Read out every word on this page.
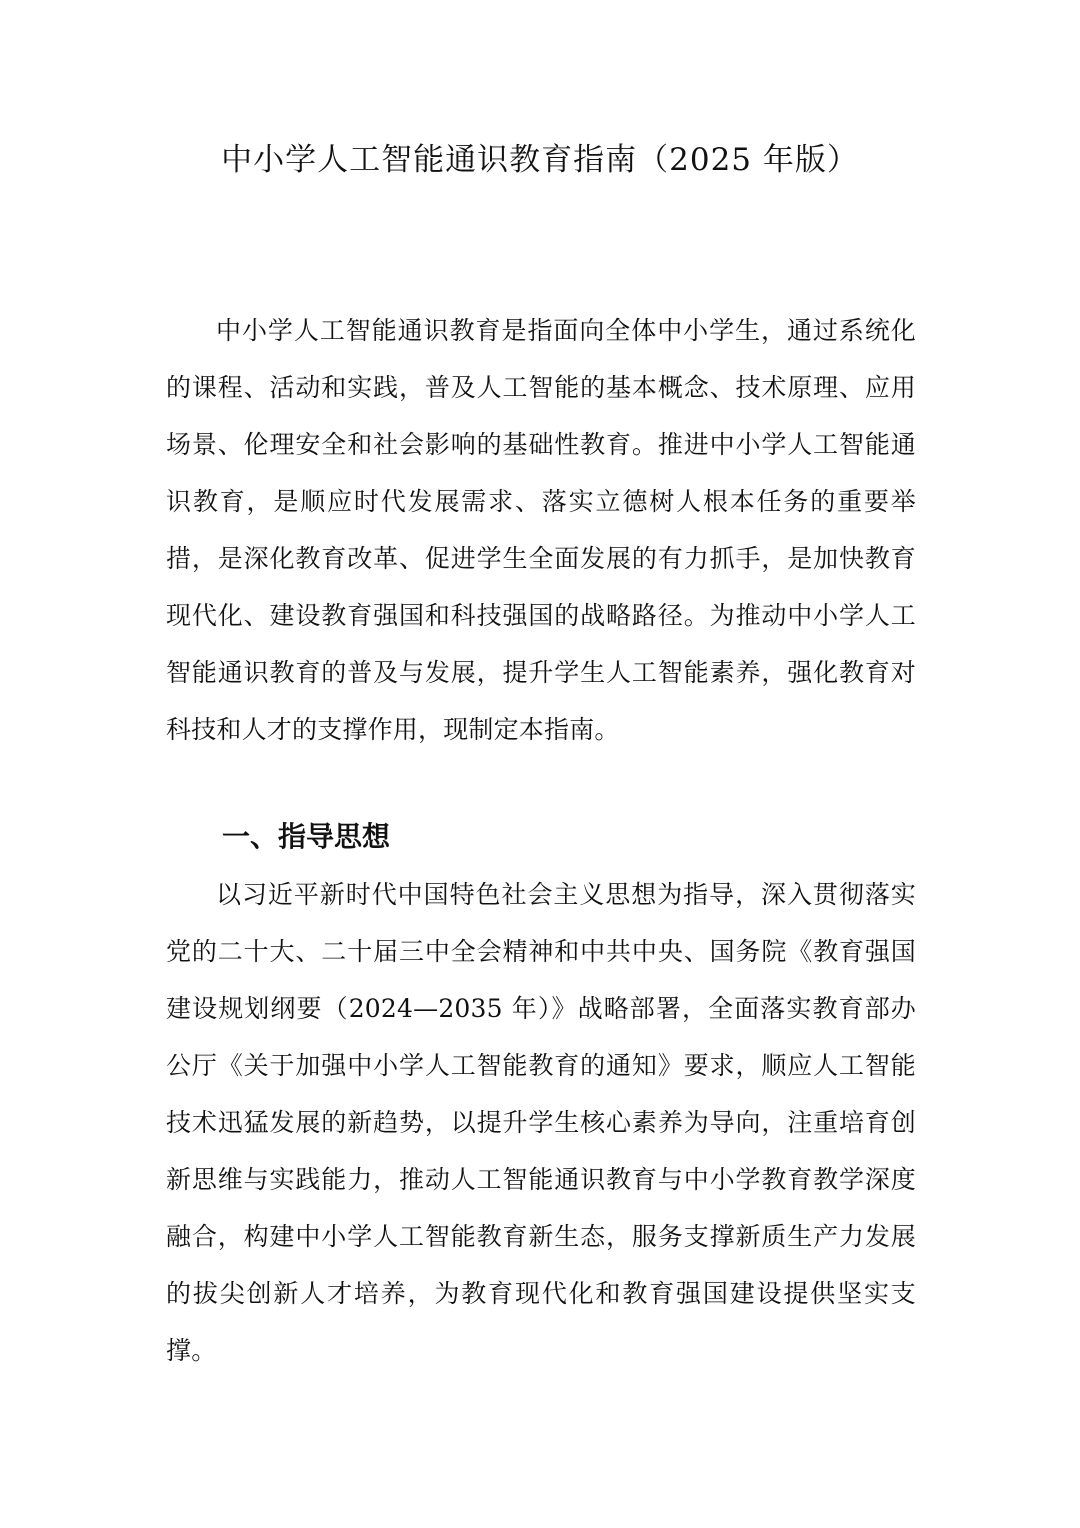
中小学人工智能通识教育指南（2025 年版）

中小学人工智能通识教育是指面向全体中小学生，通过系统化的课程、活动和实践，普及人工智能的基本概念、技术原理、应用场景、伦理安全和社会影响的基础性教育。推进中小学人工智能通识教育，是顺应时代发展需求、落实立德树人根本任务的重要举措，是深化教育改革、促进学生全面发展的有力抓手，是加快教育现代化、建设教育强国和科技强国的战略路径。为推动中小学人工智能通识教育的普及与发展，提升学生人工智能素养，强化教育对科技和人才的支撑作用，现制定本指南。

一、指导思想

以习近平新时代中国特色社会主义思想为指导，深入贯彻落实党的二十大、二十届三中全会精神和中共中央、国务院《教育强国建设规划纲要（2024—2035 年）》战略部署，全面落实教育部办公厅《关于加强中小学人工智能教育的通知》要求，顺应人工智能技术迅猛发展的新趋势，以提升学生核心素养为导向，注重培育创新思维与实践能力，推动人工智能通识教育与中小学教育教学深度融合，构建中小学人工智能教育新生态，服务支撑新质生产力发展的拔尖创新人才培养，为教育现代化和教育强国建设提供坚实支撑。
